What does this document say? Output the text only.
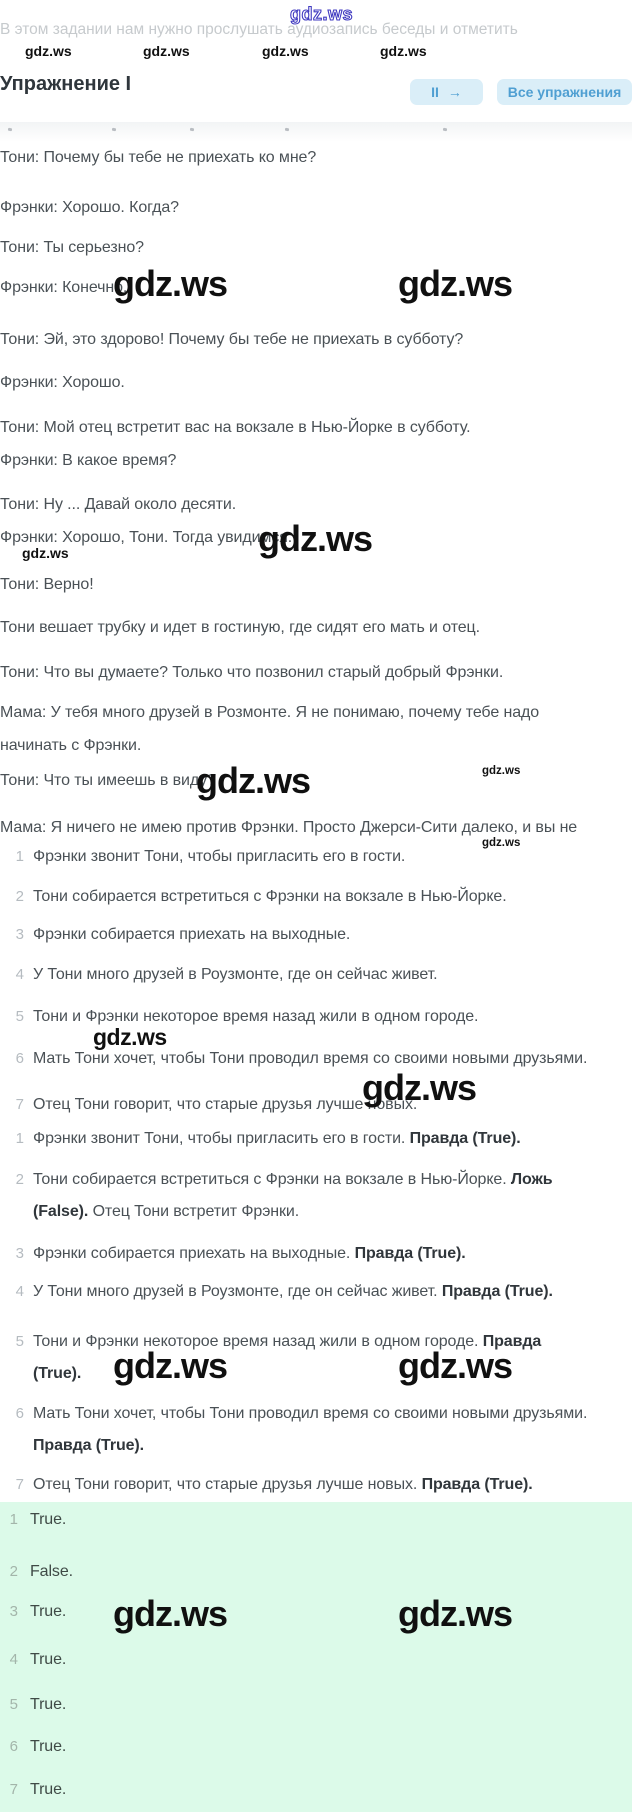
gdz.ws
В этом задании нам нужно прослушать аудиозапись беседы и отметить
gdz.ws	gdz.ws	gdz.ws	gdz.ws
Упражнение I	II →	Все упражнения

Тони: Почему бы тебе не приехать ко мне?

Фрэнки: Хорошо. Когда?

Тони: Ты серьезно?

Фрэнки: Конечно.

Тони: Эй, это здорово! Почему бы тебе не приехать в субботу?

Фрэнки: Хорошо.

Тони: Мой отец встретит вас на вокзале в Нью-Йорке в субботу.

Фрэнки: В какое время?

Тони: Ну ... Давай около десяти.

Фрэнки: Хорошо, Тони. Тогда увидимся.

Тони: Верно!

Тони вешает трубку и идет в гостиную, где сидят его мать и отец.

Тони: Что вы думаете? Только что позвонил старый добрый Фрэнки.

Мама: У тебя много друзей в Розмонте. Я не понимаю, почему тебе надо начинать с Фрэнки.

Тони: Что ты имеешь в виду?

Мама: Я ничего не имею против Фрэнки. Просто Джерси-Сити далеко, и вы не

1 Фрэнки звонит Тони, чтобы пригласить его в гости.
2 Тони собирается встретиться с Фрэнки на вокзале в Нью-Йорке.
3 Фрэнки собирается приехать на выходные.
4 У Тони много друзей в Роузмонте, где он сейчас живет.
5 Тони и Фрэнки некоторое время назад жили в одном городе.
6 Мать Тони хочет, чтобы Тони проводил время со своими новыми друзьями.
7 Отец Тони говорит, что старые друзья лучше новых.
1 Фрэнки звонит Тони, чтобы пригласить его в гости. Правда (True).
2 Тони собирается встретиться с Фрэнки на вокзале в Нью-Йорке. Ложь (False). Отец Тони встретит Фрэнки.
3 Фрэнки собирается приехать на выходные. Правда (True).
4 У Тони много друзей в Роузмонте, где он сейчас живет. Правда (True).
5 Тони и Фрэнки некоторое время назад жили в одном городе. Правда (True).
6 Мать Тони хочет, чтобы Тони проводил время со своими новыми друзьями. Правда (True).
7 Отец Тони говорит, что старые друзья лучше новых. Правда (True).
1 True.
2 False.
3 True.
4 True.
5 True.
6 True.
7 True.
gdz.ws	gdz.ws
gdz.ws
gdz.ws
gdz.ws	gdz.ws
gdz.ws
gdz.ws
gdz.ws
gdz.ws	gdz.ws
gdz.ws	gdz.ws
